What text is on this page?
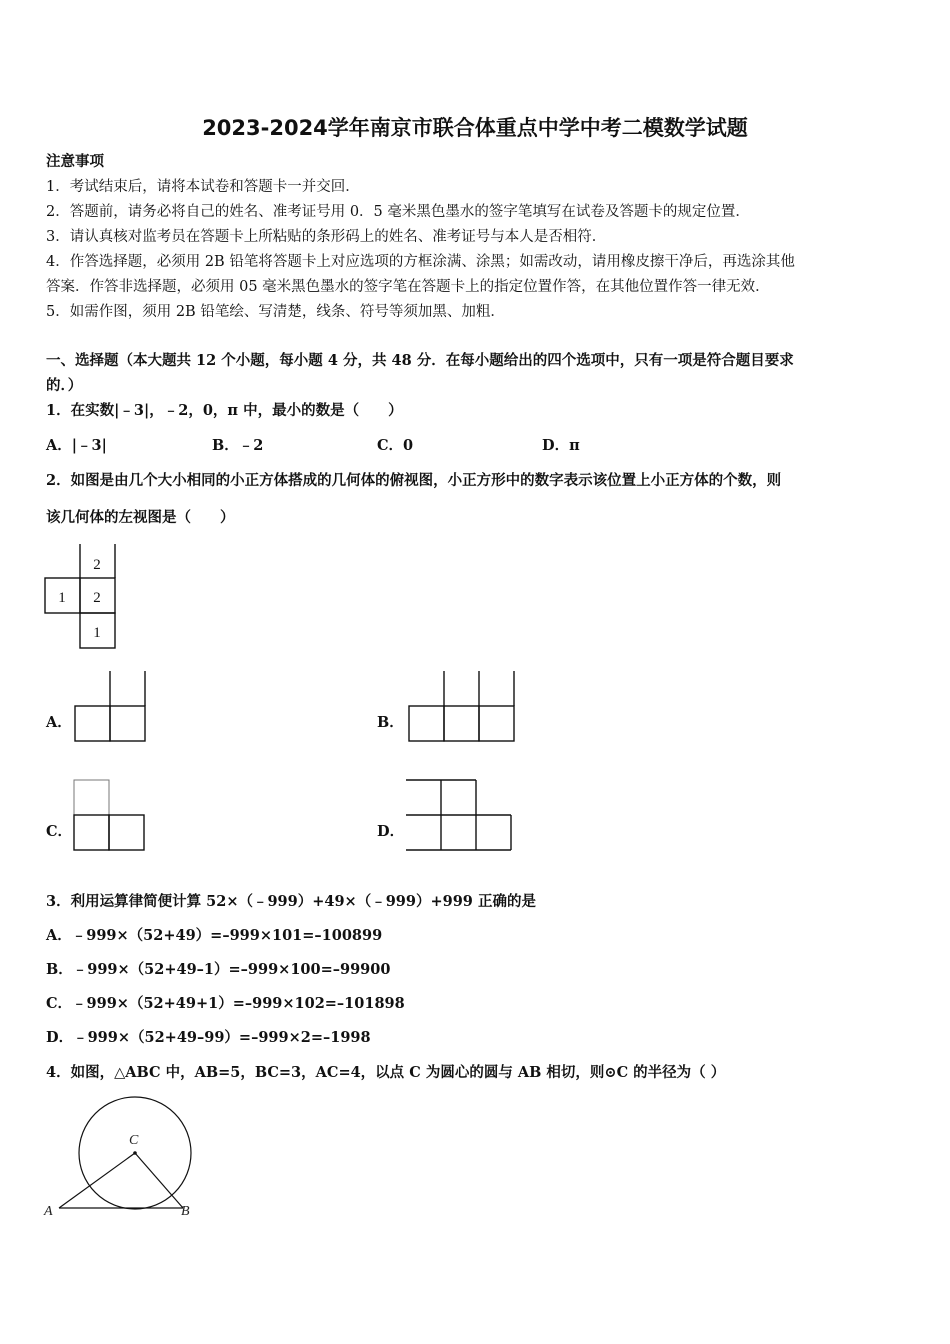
2023-2024学年南京市联合体重点中学中考二模数学试题
注意事项
1．考试结束后，请将本试卷和答题卡一并交回．
2．答题前，请务必将自己的姓名、准考证号用 0．5 毫米黑色墨水的签字笔填写在试卷及答题卡的规定位置．
3．请认真核对监考员在答题卡上所粘贴的条形码上的姓名、准考证号与本人是否相符．
4．作答选择题，必须用 2B 铅笔将答题卡上对应选项的方框涂满、涂黑；如需改动，请用橡皮擦干净后，再选涂其他
答案．作答非选择题，必须用 05 毫米黑色墨水的签字笔在答题卡上的指定位置作答，在其他位置作答一律无效．
5．如需作图，须用 2B 铅笔绘、写清楚，线条、符号等须加黑、加粗．
一、选择题（本大题共 12 个小题，每小题 4 分，共 48 分．在每小题给出的四个选项中，只有一项是符合题目要求
的．）
1．在实数|﹣3|，﹣2，0，π 中，最小的数是（　　）
A．|﹣3|	B．﹣2	C．0	D．π
2．如图是由几个大小相同的小正方体搭成的几何体的俯视图，小正方形中的数字表示该位置上小正方体的个数，则
该几何体的左视图是（　　）
2
1 2
1
A．	B．
C．	D．
3．利用运算律简便计算 52×（﹣999）+49×（﹣999）+999 正确的是
A．﹣999×（52+49）=–999×101=–100899
B．﹣999×（52+49–1）=–999×100=–99900
C．﹣999×（52+49+1）=–999×102=–101898
D．﹣999×（52+49–99）=–999×2=–1998
4．如图，△ABC 中，AB=5，BC=3，AC=4，以点 C 为圆心的圆与 AB 相切，则⊙C 的半径为（ ）
C
A	B
